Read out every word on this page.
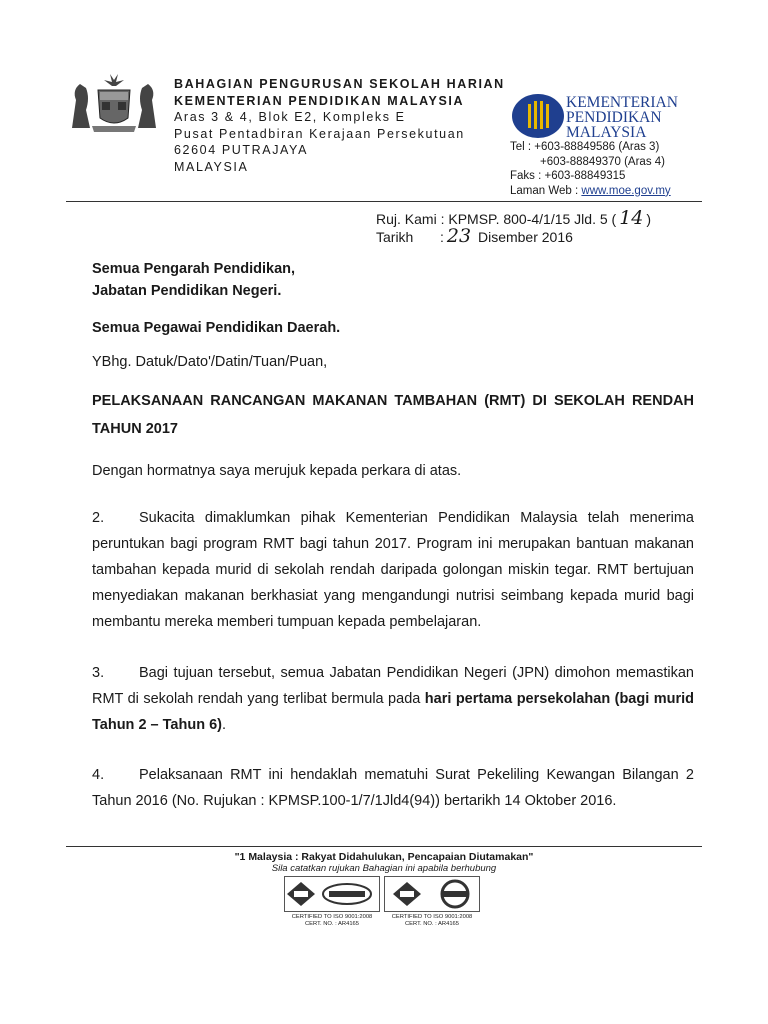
BAHAGIAN PENGURUSAN SEKOLAH HARIAN
KEMENTERIAN PENDIDIKAN MALAYSIA
Aras 3 & 4, Blok E2, Kompleks E
Pusat Pentadbiran Kerajaan Persekutuan
62604 PUTRAJAYA
MALAYSIA
KEMENTERIAN
PENDIDIKAN
MALAYSIA
Tel : +603-88849586 (Aras 3)
+603-88849370 (Aras 4)
Faks : +603-88849315
Laman Web : www.moe.gov.my
Ruj. Kami :
KPMSP. 800-4/1/15 Jld. 5 ( 14 )
Tarikh	: 23
Disember 2016
Semua Pengarah Pendidikan,
Jabatan Pendidikan Negeri.
Semua Pegawai Pendidikan Daerah.
YBhg. Datuk/Dato'/Datin/Tuan/Puan,
PELAKSANAAN RANCANGAN MAKANAN TAMBAHAN (RMT) DI SEKOLAH RENDAH TAHUN 2017
Dengan hormatnya saya merujuk kepada perkara di atas.
2. Sukacita dimaklumkan pihak Kementerian Pendidikan Malaysia telah menerima peruntukan bagi program RMT bagi tahun 2017. Program ini merupakan bantuan makanan tambahan kepada murid di sekolah rendah daripada golongan miskin tegar. RMT bertujuan menyediakan makanan berkhasiat yang mengandungi nutrisi seimbang kepada murid bagi membantu mereka memberi tumpuan kepada pembelajaran.
3. Bagi tujuan tersebut, semua Jabatan Pendidikan Negeri (JPN) dimohon memastikan RMT di sekolah rendah yang terlibat bermula pada hari pertama persekolahan (bagi murid Tahun 2 – Tahun 6).
4. Pelaksanaan RMT ini hendaklah mematuhi Surat Pekeliling Kewangan Bilangan 2 Tahun 2016 (No. Rujukan : KPMSP.100-1/7/1Jld4(94)) bertarikh 14 Oktober 2016.
"1 Malaysia : Rakyat Didahulukan, Pencapaian Diutamakan"
Sila catatkan rujukan Bahagian ini apabila berhubung
CERTIFIED TO ISO 9001:2008
CERT. NO. : AR4165
CERTIFIED TO ISO 9001:2008
CERT. NO. : AR4165
